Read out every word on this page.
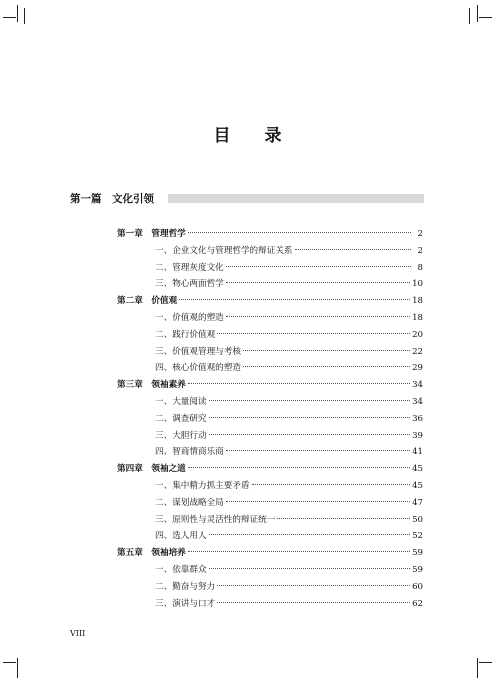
目 录
第一篇　文化引领
第一章　管理哲学	2
一、企业文化与管理哲学的辩证关系	2
二、管理灰度文化	8
三、物心两面哲学	10
第二章　价值观	18
一、价值观的塑造	18
二、践行价值观	20
三、价值观管理与考核	22
四、核心价值观的塑造	29
第三章　领袖素养	34
一、大量阅读	34
二、调查研究	36
三、大胆行动	39
四、智商情商乐商	41
第四章　领袖之道	45
一、集中精力抓主要矛盾	45
二、谋划战略全局	47
三、原则性与灵活性的辩证统一	50
四、选人用人	52
第五章　领袖培养	59
一、依靠群众	59
二、勤奋与努力	60
三、演讲与口才	62
VIII
